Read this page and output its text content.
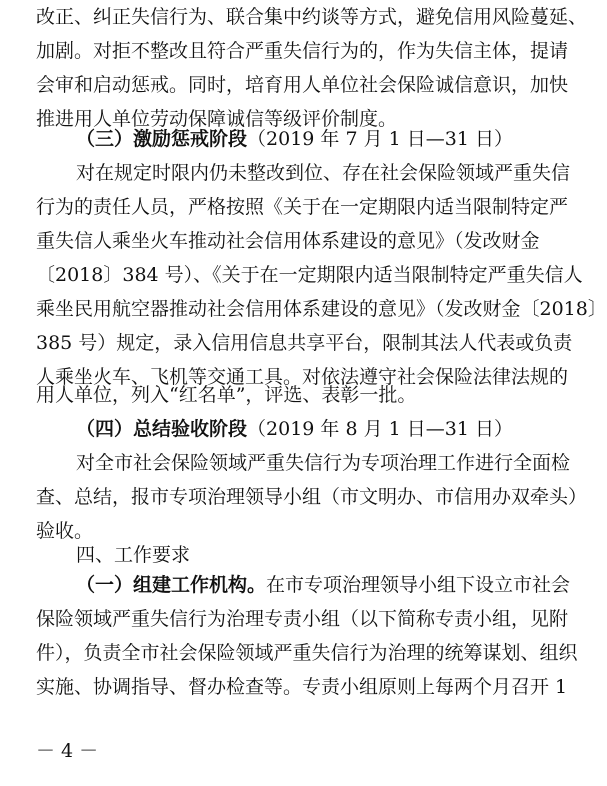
改正、纠正失信行为、联合集中约谈等方式，避免信用风险蔓延、
加剧。对拒不整改且符合严重失信行为的，作为失信主体，提请
会审和启动惩戒。同时，培育用人单位社会保险诚信意识，加快
推进用人单位劳动保障诚信等级评价制度。
（三）激励惩戒阶段（2019 年 7 月 1 日—31 日）
对在规定时限内仍未整改到位、存在社会保险领域严重失信
行为的责任人员，严格按照《关于在一定期限内适当限制特定严
重失信人乘坐火车推动社会信用体系建设的意见》（发改财金
〔2018〕384 号）、《关于在一定期限内适当限制特定严重失信人
乘坐民用航空器推动社会信用体系建设的意见》（发改财金〔2018〕
385 号）规定，录入信用信息共享平台，限制其法人代表或负责
人乘坐火车、飞机等交通工具。对依法遵守社会保险法律法规的
用人单位，列入“红名单”，评选、表彰一批。
（四）总结验收阶段（2019 年 8 月 1 日—31 日）
对全市社会保险领域严重失信行为专项治理工作进行全面检
查、总结，报市专项治理领导小组（市文明办、市信用办双牵头）
验收。
四、工作要求
（一）组建工作机构。在市专项治理领导小组下设立市社会
保险领域严重失信行为治理专责小组（以下简称专责小组，见附
件），负责全市社会保险领域严重失信行为治理的统筹谋划、组织
实施、协调指导、督办检查等。专责小组原则上每两个月召开 1
－ 4 －
